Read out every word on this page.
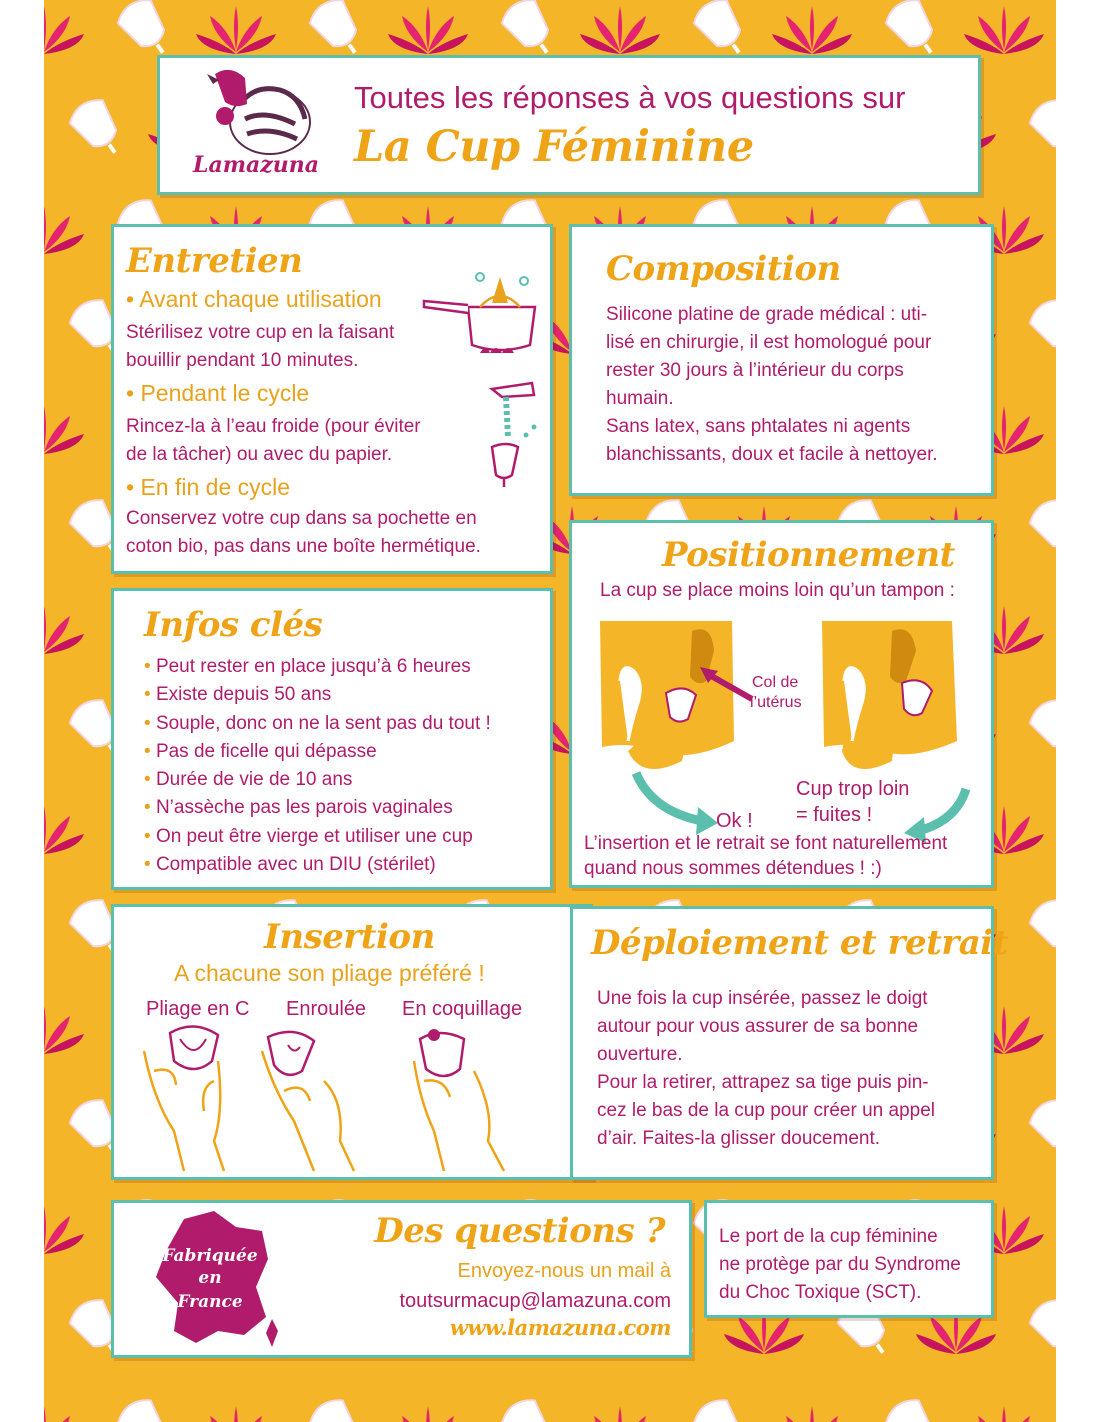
Lamazuna
Toutes les réponses à vos questions sur
La Cup Féminine
Entretien
• Avant chaque utilisation
Stérilisez votre cup en la faisant
bouillir pendant 10 minutes.
• Pendant le cycle
Rincez-la à l’eau froide (pour éviter
de la tâcher) ou avec du papier.
• En fin de cycle
Conservez votre cup dans sa pochette en
coton bio, pas dans une boîte hermétique.
Composition
Silicone platine de grade médical : uti-
lisé en chirurgie, il est homologué pour
rester 30 jours à l’intérieur du corps
humain.
Sans latex, sans phtalates ni agents
blanchissants, doux et facile à nettoyer.
Infos clés
• Peut rester en place jusqu’à 6 heures
• Existe depuis 50 ans
• Souple, donc on ne la sent pas du tout !
• Pas de ficelle qui dépasse
• Durée de vie de 10 ans
• N’assèche pas les parois vaginales
• On peut être vierge et utiliser une cup
• Compatible avec un DIU (stérilet)
Positionnement
La cup se place moins loin qu’un tampon :
Col de
l’utérus
Ok !
Cup trop loin
= fuites !
L’insertion et le retrait se font naturellement
quand nous sommes détendues ! :)
Insertion
A chacune son pliage préféré !
Pliage en C Enroulée En coquillage
Déploiement et retrait
Une fois la cup insérée, passez le doigt
autour pour vous assurer de sa bonne
ouverture.
Pour la retirer, attrapez sa tige puis pin-
cez le bas de la cup pour créer un appel
d’air. Faites-la glisser doucement.
Fabriquée
en
France
Des questions ?
Envoyez-nous un mail à
toutsurmacup@lamazuna.com
www.lamazuna.com
Le port de la cup féminine
ne protège par du Syndrome
du Choc Toxique (SCT).
